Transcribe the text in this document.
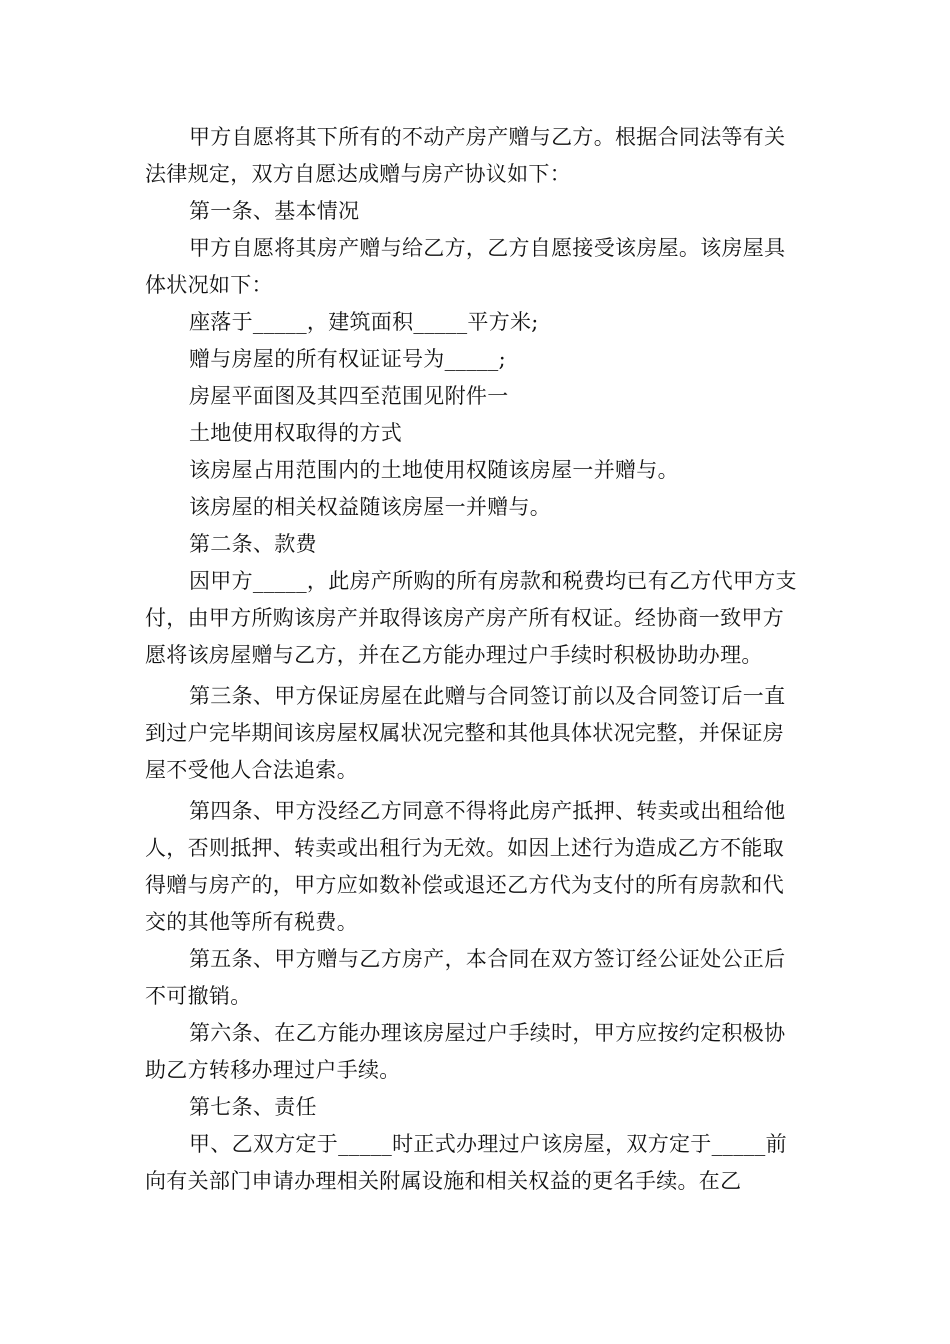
甲方自愿将其下所有的不动产房产赠与乙方。根据合同法等有关法律规定，双方自愿达成赠与房产协议如下：

第一条、基本情况

甲方自愿将其房产赠与给乙方，乙方自愿接受该房屋。该房屋具体状况如下：

座落于_____，建筑面积_____平方米;

赠与房屋的所有权证证号为_____;

房屋平面图及其四至范围见附件一

土地使用权取得的方式

该房屋占用范围内的土地使用权随该房屋一并赠与。

该房屋的相关权益随该房屋一并赠与。

第二条、款费

因甲方_____，此房产所购的所有房款和税费均已有乙方代甲方支付，由甲方所购该房产并取得该房产房产所有权证。经协商一致甲方愿将该房屋赠与乙方，并在乙方能办理过户手续时积极协助办理。

第三条、甲方保证房屋在此赠与合同签订前以及合同签订后一直到过户完毕期间该房屋权属状况完整和其他具体状况完整，并保证房屋不受他人合法追索。

第四条、甲方没经乙方同意不得将此房产抵押、转卖或出租给他人，否则抵押、转卖或出租行为无效。如因上述行为造成乙方不能取得赠与房产的，甲方应如数补偿或退还乙方代为支付的所有房款和代交的其他等所有税费。

第五条、甲方赠与乙方房产，本合同在双方签订经公证处公正后不可撤销。

第六条、在乙方能办理该房屋过户手续时，甲方应按约定积极协助乙方转移办理过户手续。

第七条、责任

甲、乙双方定于_____时正式办理过户该房屋，双方定于_____前向有关部门申请办理相关附属设施和相关权益的更名手续。在乙
